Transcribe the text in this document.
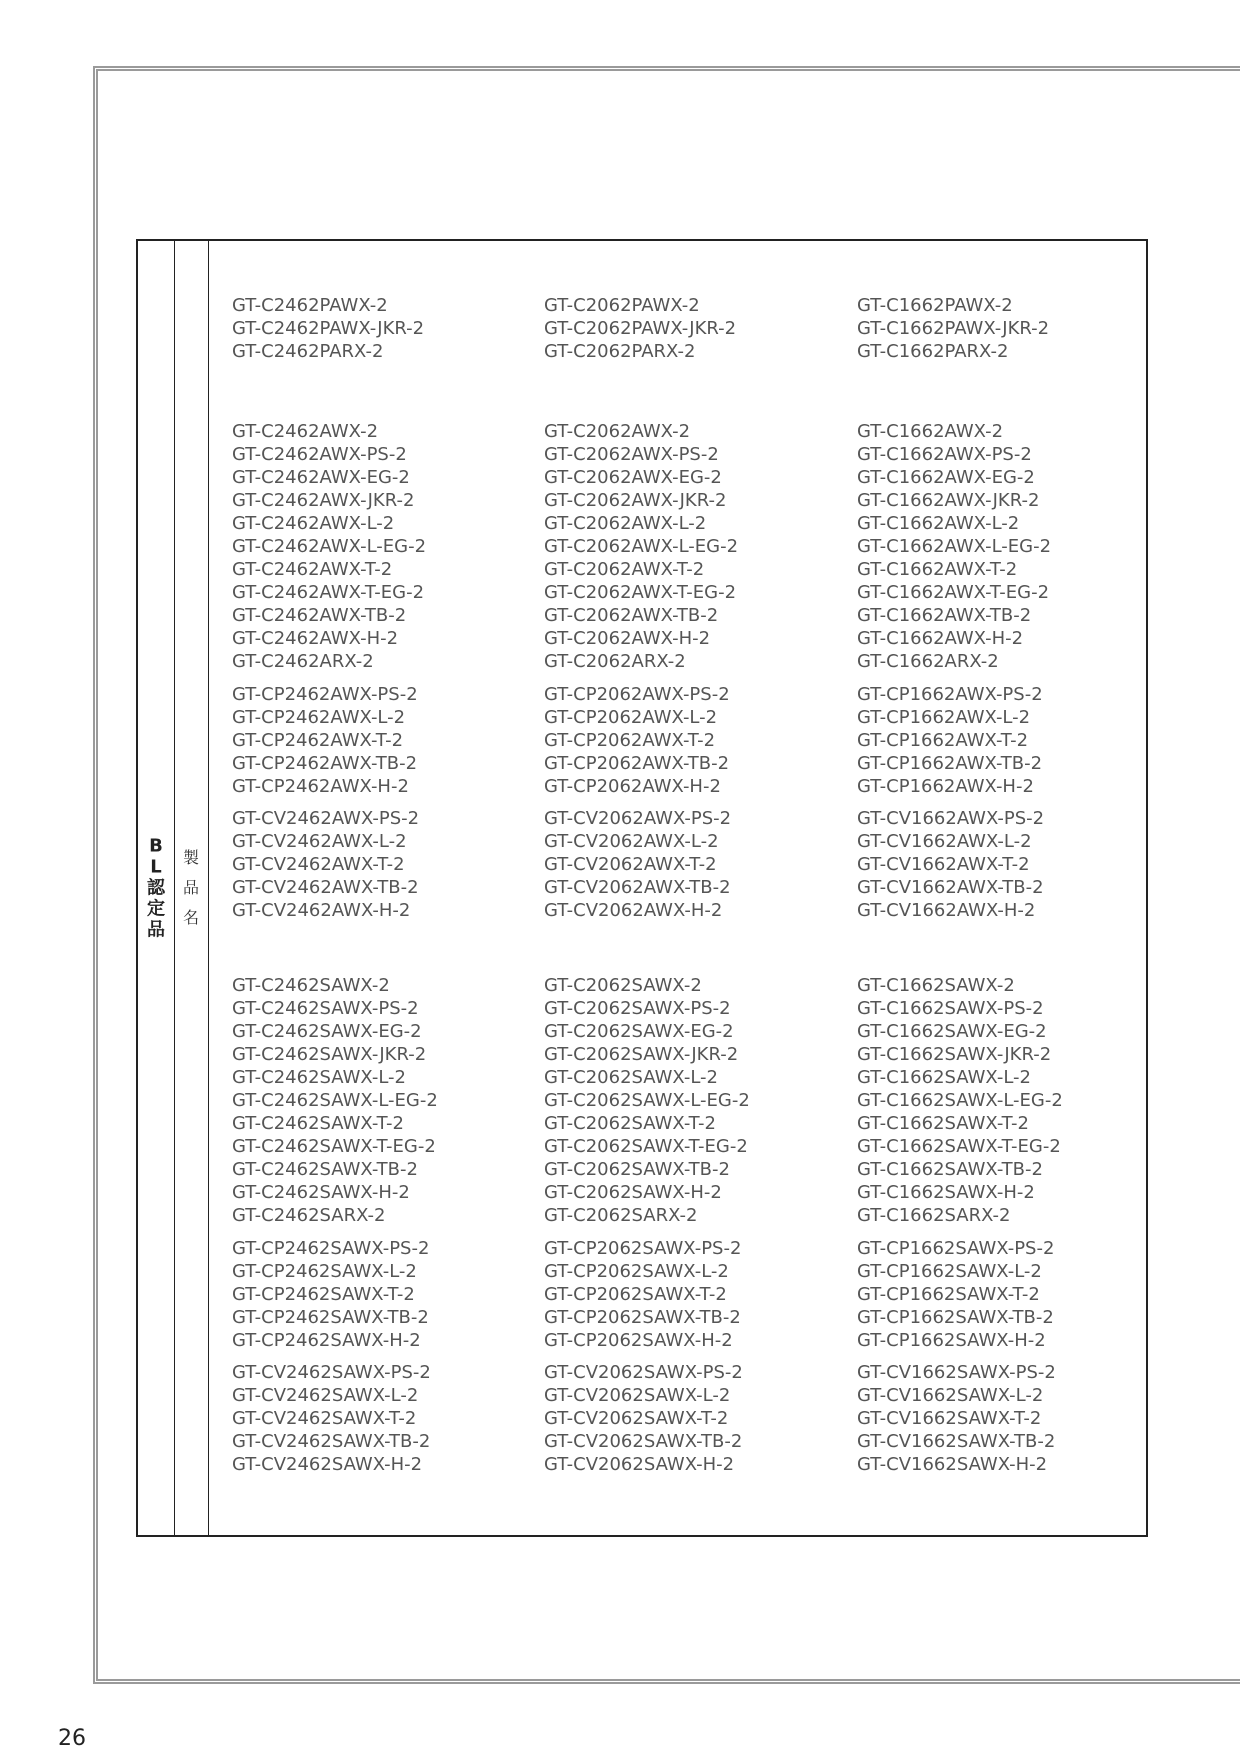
BL認定品
製品名
GT-C2462PAWX-2
GT-C2462PAWX-JKR-2
GT-C2462PARX-2
GT-C2062PAWX-2
GT-C2062PAWX-JKR-2
GT-C2062PARX-2
GT-C1662PAWX-2
GT-C1662PAWX-JKR-2
GT-C1662PARX-2
GT-C2462AWX-2
GT-C2462AWX-PS-2
GT-C2462AWX-EG-2
GT-C2462AWX-JKR-2
GT-C2462AWX-L-2
GT-C2462AWX-L-EG-2
GT-C2462AWX-T-2
GT-C2462AWX-T-EG-2
GT-C2462AWX-TB-2
GT-C2462AWX-H-2
GT-C2462ARX-2
GT-C2062AWX-2
GT-C2062AWX-PS-2
GT-C2062AWX-EG-2
GT-C2062AWX-JKR-2
GT-C2062AWX-L-2
GT-C2062AWX-L-EG-2
GT-C2062AWX-T-2
GT-C2062AWX-T-EG-2
GT-C2062AWX-TB-2
GT-C2062AWX-H-2
GT-C2062ARX-2
GT-C1662AWX-2
GT-C1662AWX-PS-2
GT-C1662AWX-EG-2
GT-C1662AWX-JKR-2
GT-C1662AWX-L-2
GT-C1662AWX-L-EG-2
GT-C1662AWX-T-2
GT-C1662AWX-T-EG-2
GT-C1662AWX-TB-2
GT-C1662AWX-H-2
GT-C1662ARX-2
GT-CP2462AWX-PS-2
GT-CP2462AWX-L-2
GT-CP2462AWX-T-2
GT-CP2462AWX-TB-2
GT-CP2462AWX-H-2
GT-CP2062AWX-PS-2
GT-CP2062AWX-L-2
GT-CP2062AWX-T-2
GT-CP2062AWX-TB-2
GT-CP2062AWX-H-2
GT-CP1662AWX-PS-2
GT-CP1662AWX-L-2
GT-CP1662AWX-T-2
GT-CP1662AWX-TB-2
GT-CP1662AWX-H-2
GT-CV2462AWX-PS-2
GT-CV2462AWX-L-2
GT-CV2462AWX-T-2
GT-CV2462AWX-TB-2
GT-CV2462AWX-H-2
GT-CV2062AWX-PS-2
GT-CV2062AWX-L-2
GT-CV2062AWX-T-2
GT-CV2062AWX-TB-2
GT-CV2062AWX-H-2
GT-CV1662AWX-PS-2
GT-CV1662AWX-L-2
GT-CV1662AWX-T-2
GT-CV1662AWX-TB-2
GT-CV1662AWX-H-2
GT-C2462SAWX-2
GT-C2462SAWX-PS-2
GT-C2462SAWX-EG-2
GT-C2462SAWX-JKR-2
GT-C2462SAWX-L-2
GT-C2462SAWX-L-EG-2
GT-C2462SAWX-T-2
GT-C2462SAWX-T-EG-2
GT-C2462SAWX-TB-2
GT-C2462SAWX-H-2
GT-C2462SARX-2
GT-C2062SAWX-2
GT-C2062SAWX-PS-2
GT-C2062SAWX-EG-2
GT-C2062SAWX-JKR-2
GT-C2062SAWX-L-2
GT-C2062SAWX-L-EG-2
GT-C2062SAWX-T-2
GT-C2062SAWX-T-EG-2
GT-C2062SAWX-TB-2
GT-C2062SAWX-H-2
GT-C2062SARX-2
GT-C1662SAWX-2
GT-C1662SAWX-PS-2
GT-C1662SAWX-EG-2
GT-C1662SAWX-JKR-2
GT-C1662SAWX-L-2
GT-C1662SAWX-L-EG-2
GT-C1662SAWX-T-2
GT-C1662SAWX-T-EG-2
GT-C1662SAWX-TB-2
GT-C1662SAWX-H-2
GT-C1662SARX-2
GT-CP2462SAWX-PS-2
GT-CP2462SAWX-L-2
GT-CP2462SAWX-T-2
GT-CP2462SAWX-TB-2
GT-CP2462SAWX-H-2
GT-CP2062SAWX-PS-2
GT-CP2062SAWX-L-2
GT-CP2062SAWX-T-2
GT-CP2062SAWX-TB-2
GT-CP2062SAWX-H-2
GT-CP1662SAWX-PS-2
GT-CP1662SAWX-L-2
GT-CP1662SAWX-T-2
GT-CP1662SAWX-TB-2
GT-CP1662SAWX-H-2
GT-CV2462SAWX-PS-2
GT-CV2462SAWX-L-2
GT-CV2462SAWX-T-2
GT-CV2462SAWX-TB-2
GT-CV2462SAWX-H-2
GT-CV2062SAWX-PS-2
GT-CV2062SAWX-L-2
GT-CV2062SAWX-T-2
GT-CV2062SAWX-TB-2
GT-CV2062SAWX-H-2
GT-CV1662SAWX-PS-2
GT-CV1662SAWX-L-2
GT-CV1662SAWX-T-2
GT-CV1662SAWX-TB-2
GT-CV1662SAWX-H-2
26
